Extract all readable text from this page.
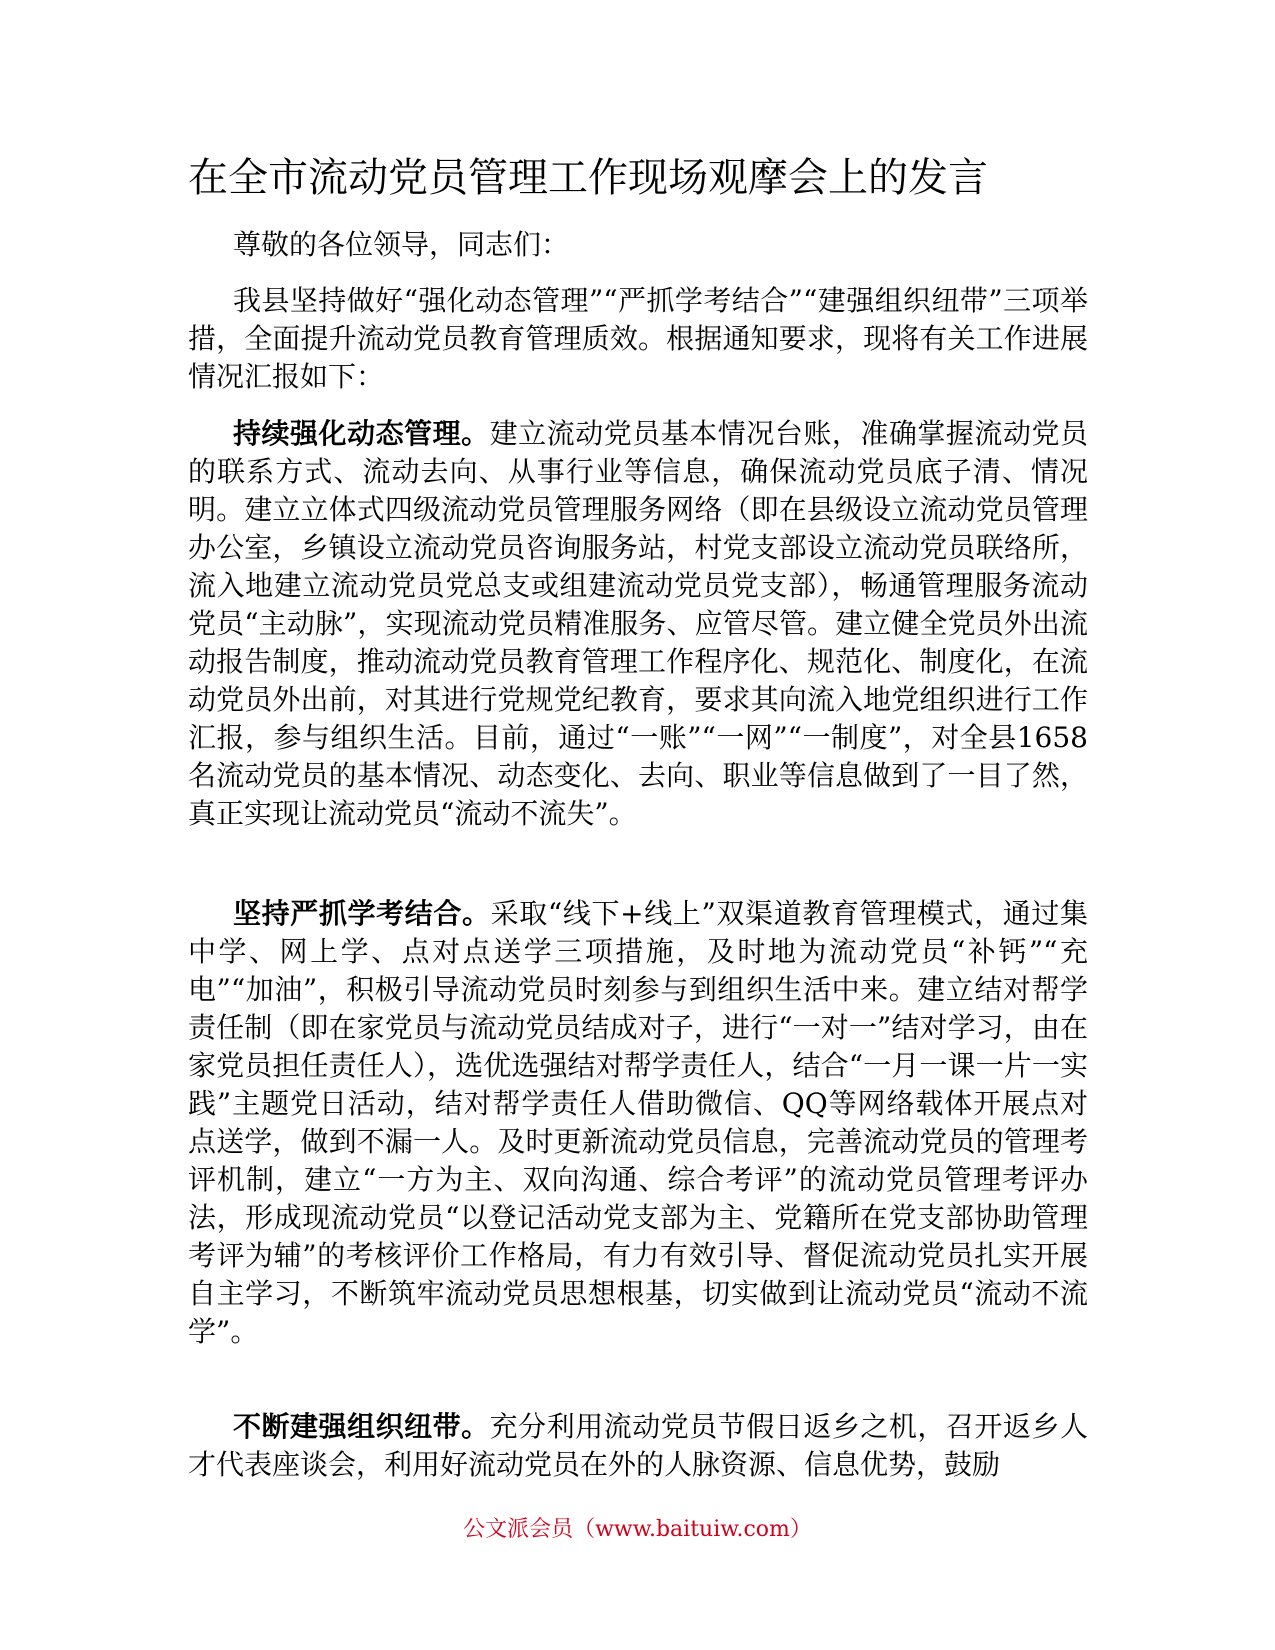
在全市流动党员管理工作现场观摩会上的发言

尊敬的各位领导，同志们：

我县坚持做好“强化动态管理”“严抓学考结合”“建强组织纽带”三项举措，全面提升流动党员教育管理质效。根据通知要求，现将有关工作进展情况汇报如下：

持续强化动态管理。建立流动党员基本情况台账，准确掌握流动党员的联系方式、流动去向、从事行业等信息，确保流动党员底子清、情况明。建立立体式四级流动党员管理服务网络（即在县级设立流动党员管理办公室，乡镇设立流动党员咨询服务站，村党支部设立流动党员联络所，流入地建立流动党员党总支或组建流动党员党支部），畅通管理服务流动党员“主动脉”，实现流动党员精准服务、应管尽管。建立健全党员外出流动报告制度，推动流动党员教育管理工作程序化、规范化、制度化，在流动党员外出前，对其进行党规党纪教育，要求其向流入地党组织进行工作汇报，参与组织生活。目前，通过“一账”“一网”“一制度”，对全县1658名流动党员的基本情况、动态变化、去向、职业等信息做到了一目了然，真正实现让流动党员“流动不流失”。

坚持严抓学考结合。采取“线下+线上”双渠道教育管理模式，通过集中学、网上学、点对点送学三项措施，及时地为流动党员“补钙”“充电”“加油”，积极引导流动党员时刻参与到组织生活中来。建立结对帮学责任制（即在家党员与流动党员结成对子，进行“一对一”结对学习，由在家党员担任责任人），选优选强结对帮学责任人，结合“一月一课一片一实践”主题党日活动，结对帮学责任人借助微信、QQ等网络载体开展点对点送学，做到不漏一人。及时更新流动党员信息，完善流动党员的管理考评机制，建立“一方为主、双向沟通、综合考评”的流动党员管理考评办法，形成现流动党员“以登记活动党支部为主、党籍所在党支部协助管理考评为辅”的考核评价工作格局，有力有效引导、督促流动党员扎实开展自主学习，不断筑牢流动党员思想根基，切实做到让流动党员“流动不流学”。

不断建强组织纽带。充分利用流动党员节假日返乡之机，召开返乡人才代表座谈会，利用好流动党员在外的人脉资源、信息优势，鼓励

公文派会员（www.baituiw.com）
